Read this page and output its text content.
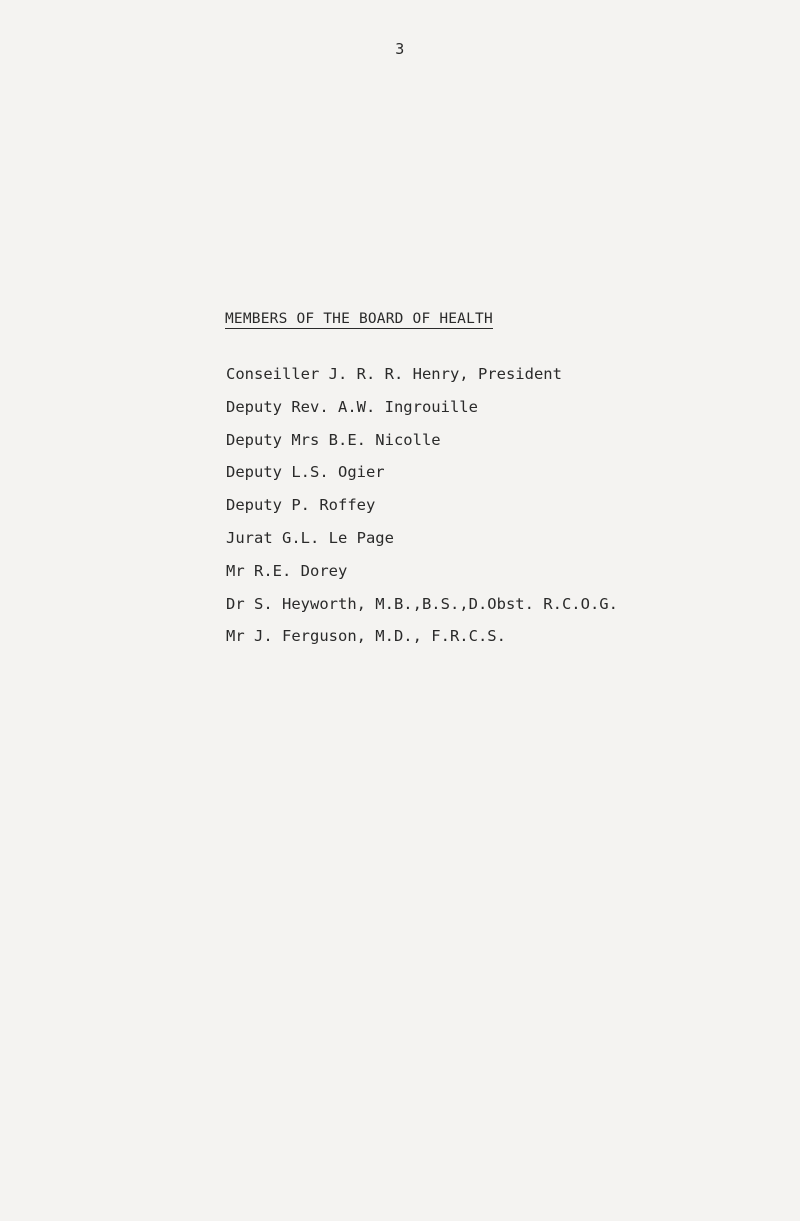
3
MEMBERS OF THE BOARD OF HEALTH
Conseiller J. R. R. Henry, President
Deputy Rev. A.W. Ingrouille
Deputy Mrs B.E. Nicolle
Deputy L.S. Ogier
Deputy P. Roffey
Jurat G.L. Le Page
Mr R.E. Dorey
Dr S. Heyworth, M.B.,B.S.,D.Obst. R.C.O.G.
Mr J. Ferguson, M.D., F.R.C.S.
